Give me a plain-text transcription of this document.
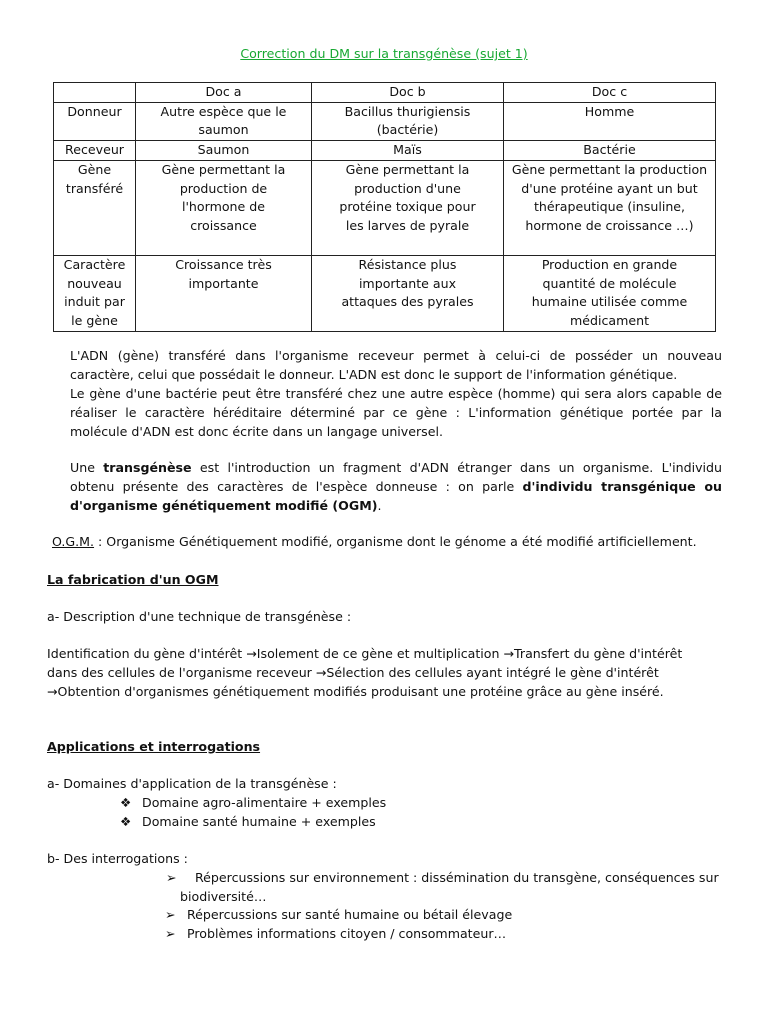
Correction du DM sur la transgénèse (sujet 1)
	Doc a	Doc b	Doc c
Donneur	Autre espèce que le saumon	Bacillus thurigiensis (bactérie)	Homme
Receveur	Saumon	Maïs	Bactérie
Gène transféré	Gène permettant la production de l'hormone de croissance	Gène permettant la production d'une protéine toxique pour les larves de pyrale	Gène permettant la production d'une protéine ayant un but thérapeutique (insuline, hormone de croissance …)
Caractère nouveau induit par le gène	Croissance très importante	Résistance plus importante aux attaques des pyrales	Production en grande quantité de molécule humaine utilisée comme médicament
L'ADN (gène) transféré dans l'organisme receveur permet à celui-ci de posséder un nouveau caractère, celui que possédait le donneur. L'ADN est donc le support de l'information génétique.
Le gène d'une bactérie peut être transféré chez une autre espèce (homme) qui sera alors capable de réaliser le caractère héréditaire déterminé par ce gène : L'information génétique portée par la molécule d'ADN est donc écrite dans un langage universel.
Une transgénèse est l'introduction un fragment d'ADN étranger dans un organisme. L'individu obtenu présente des caractères de l'espèce donneuse : on parle d'individu transgénique ou d'organisme génétiquement modifié (OGM).
O.G.M. : Organisme Génétiquement modifié, organisme dont le génome a été modifié artificiellement.
La fabrication d'un OGM
a- Description d'une technique de transgénèse :
Identification du gène d'intérêt →Isolement de ce gène et multiplication →Transfert du gène d'intérêt dans des cellules de l'organisme receveur →Sélection des cellules ayant intégré le gène d'intérêt →Obtention d'organismes génétiquement modifiés produisant une protéine grâce au gène inséré.
Applications et interrogations
a- Domaines d'application de la transgénèse :
❖ Domaine agro-alimentaire + exemples
❖ Domaine santé humaine + exemples
b- Des interrogations :
➢ Répercussions sur environnement : dissémination du transgène, conséquences sur biodiversité…
➢ Répercussions sur santé humaine ou bétail élevage
➢ Problèmes informations citoyen / consommateur…
